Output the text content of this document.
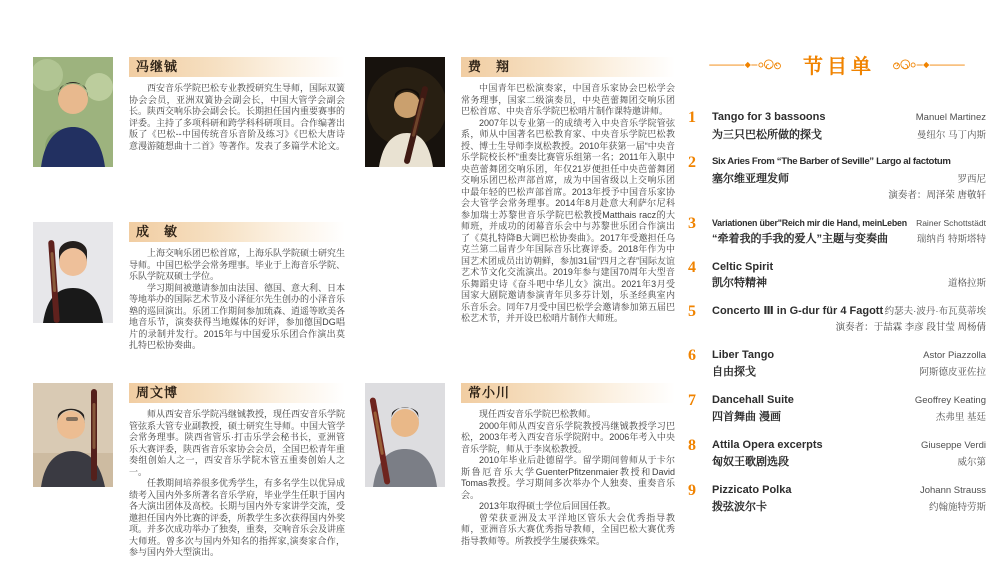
冯继铖

西安音乐学院巴松专业教授研究生导师，国际双簧协会会员，亚洲双簧协会副会长，中国大管学会副会长。陕西交响乐协会副会长。长期担任国内重要赛事的评委。主持了多项科研和跨学科科研项目。合作编著出版了《巴松--中国传统音乐音阶及练习》《巴松大唐诗意漫游随想曲十二首》等著作。发表了多篇学术论文。

成　敏

上海交响乐团巴松首席，上海乐队学院硕士研究生导师。中国巴松学会常务理事。毕业于上海音乐学院、乐队学院双硕士学位。

学习期间被邀请参加由法国、德国、意大利、日本等地举办的国际艺术节及小泽征尔先生创办的小泽音乐塾的巡回演出。乐团工作期间参加琉森、逍遥等欧美各地音乐节，演奏获得当地媒体的好评，参加德国DG唱片的录制并发行。2015年与中国爱乐乐团合作演出莫扎特巴松协奏曲。

周文博

师从西安音乐学院冯继铖教授，现任西安音乐学院管弦系大管专业副教授，硕士研究生导师。中国大管学会常务理事。陕西省管乐·打击乐学会秘书长，亚洲管乐大赛评委，陕西省音乐家协会会员，全国巴松青年重奏组创始人之一，西安音乐学院木管五重奏创始人之一。

任教期间培养很多优秀学生，有多名学生以优异成绩考入国内外多所著名音乐学府，毕业学生任职于国内各大演出团体及高校。长期与国内外专家讲学交流，受邀担任国内外比赛的评委，所教学生多次获得国内外奖项。并多次成功举办了独奏，重奏，交响音乐会及讲座大师班。曾多次与国内外知名的指挥家,演奏家合作，参与国内外大型演出。

费　翔

中国青年巴松演奏家，中国音乐家协会巴松学会常务理事，国家二级演奏员，中央芭蕾舞团交响乐团巴松首席、中央音乐学院巴松哨片制作课特邀讲师。

2007年以专业第一的成绩考入中央音乐学院管弦系，师从中国著名巴松教育家、中央音乐学院巴松教授、博士生导师李岚松教授。2010年获第一届“中央音乐学院校长杯”重奏比赛管乐组第一名；2011年入职中央芭蕾舞团交响乐团，年仅21岁便担任中央芭蕾舞团交响乐团巴松声部首席，成为中国省级以上交响乐团中最年轻的巴松声部首席。2013年授予中国音乐家协会大管学会常务理事。2014年8月赴意大利萨尔尼科参加瑞士苏黎世音乐学院巴松教授Matthais racz的大师班，并成功的闭幕音乐会中与苏黎世乐团合作演出了《莫扎特降B大调巴松协奏曲》。2017年受邀担任乌克兰第二届青少年国际音乐比赛评委。2018年作为中国艺术团成员出访朝鲜，参加31届“四月之春”国际友谊艺术节文化交流演出。2019年参与建国70周年大型音乐舞蹈史诗《奋斗吧中华儿女》演出。2021年3月受国家大剧院邀请参演青年贝多芬计划，乐圣经典室内乐音乐会。同年7月受中国巴松学会邀请参加第五届巴松艺术节，并开设巴松哨片制作大师班。

常小川

现任西安音乐学院巴松教师。

2000年师从西安音乐学院教授冯继铖教授学习巴松，2003年考入西安音乐学院附中。2006年考入中央音乐学院，师从于李岚松教授。

2010年毕业后赴德留学。留学期间曾师从于卡尔斯鲁厄音乐大学GuenterPfitzenmaier教授和David Tomas教授。学习期间多次举办个人独奏、重奏音乐会。

2013年取得硕士学位后回国任教。

曾荣获亚洲及太平洋地区管乐大会优秀指导教师，亚洲音乐大赛优秀指导教师，全国巴松大赛优秀指导教师等。所教授学生屡获殊荣。

节目单
1	Tango for 3 bassoons	Manuel Martinez
为三只巴松所做的探戈	曼纽尔 马丁内斯
2	Six Aries From “The Barber of Seville” Largo al factotum
塞尔维亚理发师	罗西尼
演奏者：周泽荣 唐敬轩
3	Variationen über"Reich mir die Hand, meinLeben Rainer Schottstädt
“牵着我的手我的爱人”主题与变奏曲	瑞纳肖 特斯塔特
4	Celtic Spirit
凯尔特精神	道格拉斯
5	Concerto Ⅲ in G-dur für 4 Fagott 约瑟夫·波丹·布瓦莫蒂埃
演奏者：于喆霖 李彦 段甘莹 周杨倩
6	Liber Tango	Astor Piazzolla
自由探戈	阿斯德皮亚佐拉
7	Dancehall Suite	Geoffrey Keating
四首舞曲 漫画	杰弗里 基廷
8	Attila Opera excerpts	Giuseppe Verdi
匈奴王歌剧选段	威尔第
9	Pizzicato Polka	Johann Strauss
拨弦波尔卡	约翰施特劳斯
